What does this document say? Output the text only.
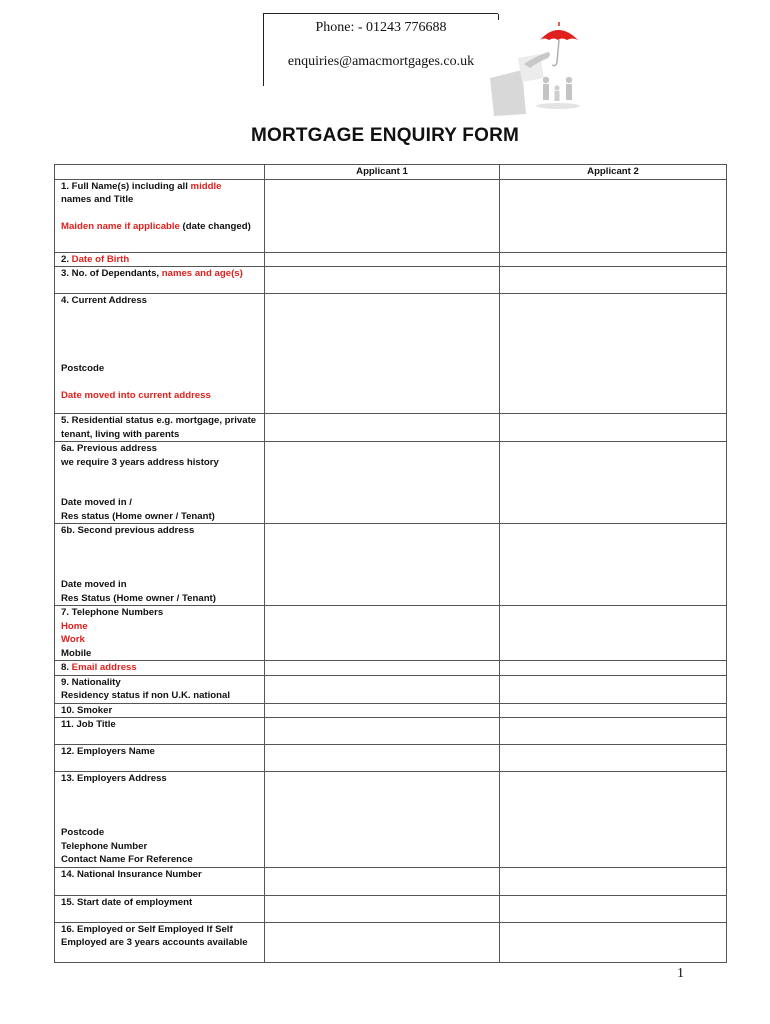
Phone: - 01243 776688
enquiries@amacmortgages.co.uk
MORTGAGE ENQUIRY FORM
	Applicant 1	Applicant 2
1. Full Name(s) including all middle
names and Title
Maiden name if applicable (date changed)		
2. Date of Birth		
3. No. of Dependants, names and age(s)		
4. Current Address
Postcode
Date moved into current address		
5. Residential status e.g. mortgage, private tenant, living with parents		
6a. Previous address
we require 3 years address history
Date moved in /
Res status (Home owner / Tenant)		
6b. Second previous address
Date moved in
Res Status (Home owner / Tenant)		
7. Telephone Numbers
Home
Work
Mobile		
8. Email address		
9. Nationality
Residency status if non U.K. national		
10. Smoker		
11. Job Title		
12. Employers Name		
13. Employers Address
Postcode
Telephone Number
Contact Name For Reference		
14. National Insurance Number		
15. Start date of employment		
16. Employed or Self Employed If Self Employed are 3 years accounts available		
1
